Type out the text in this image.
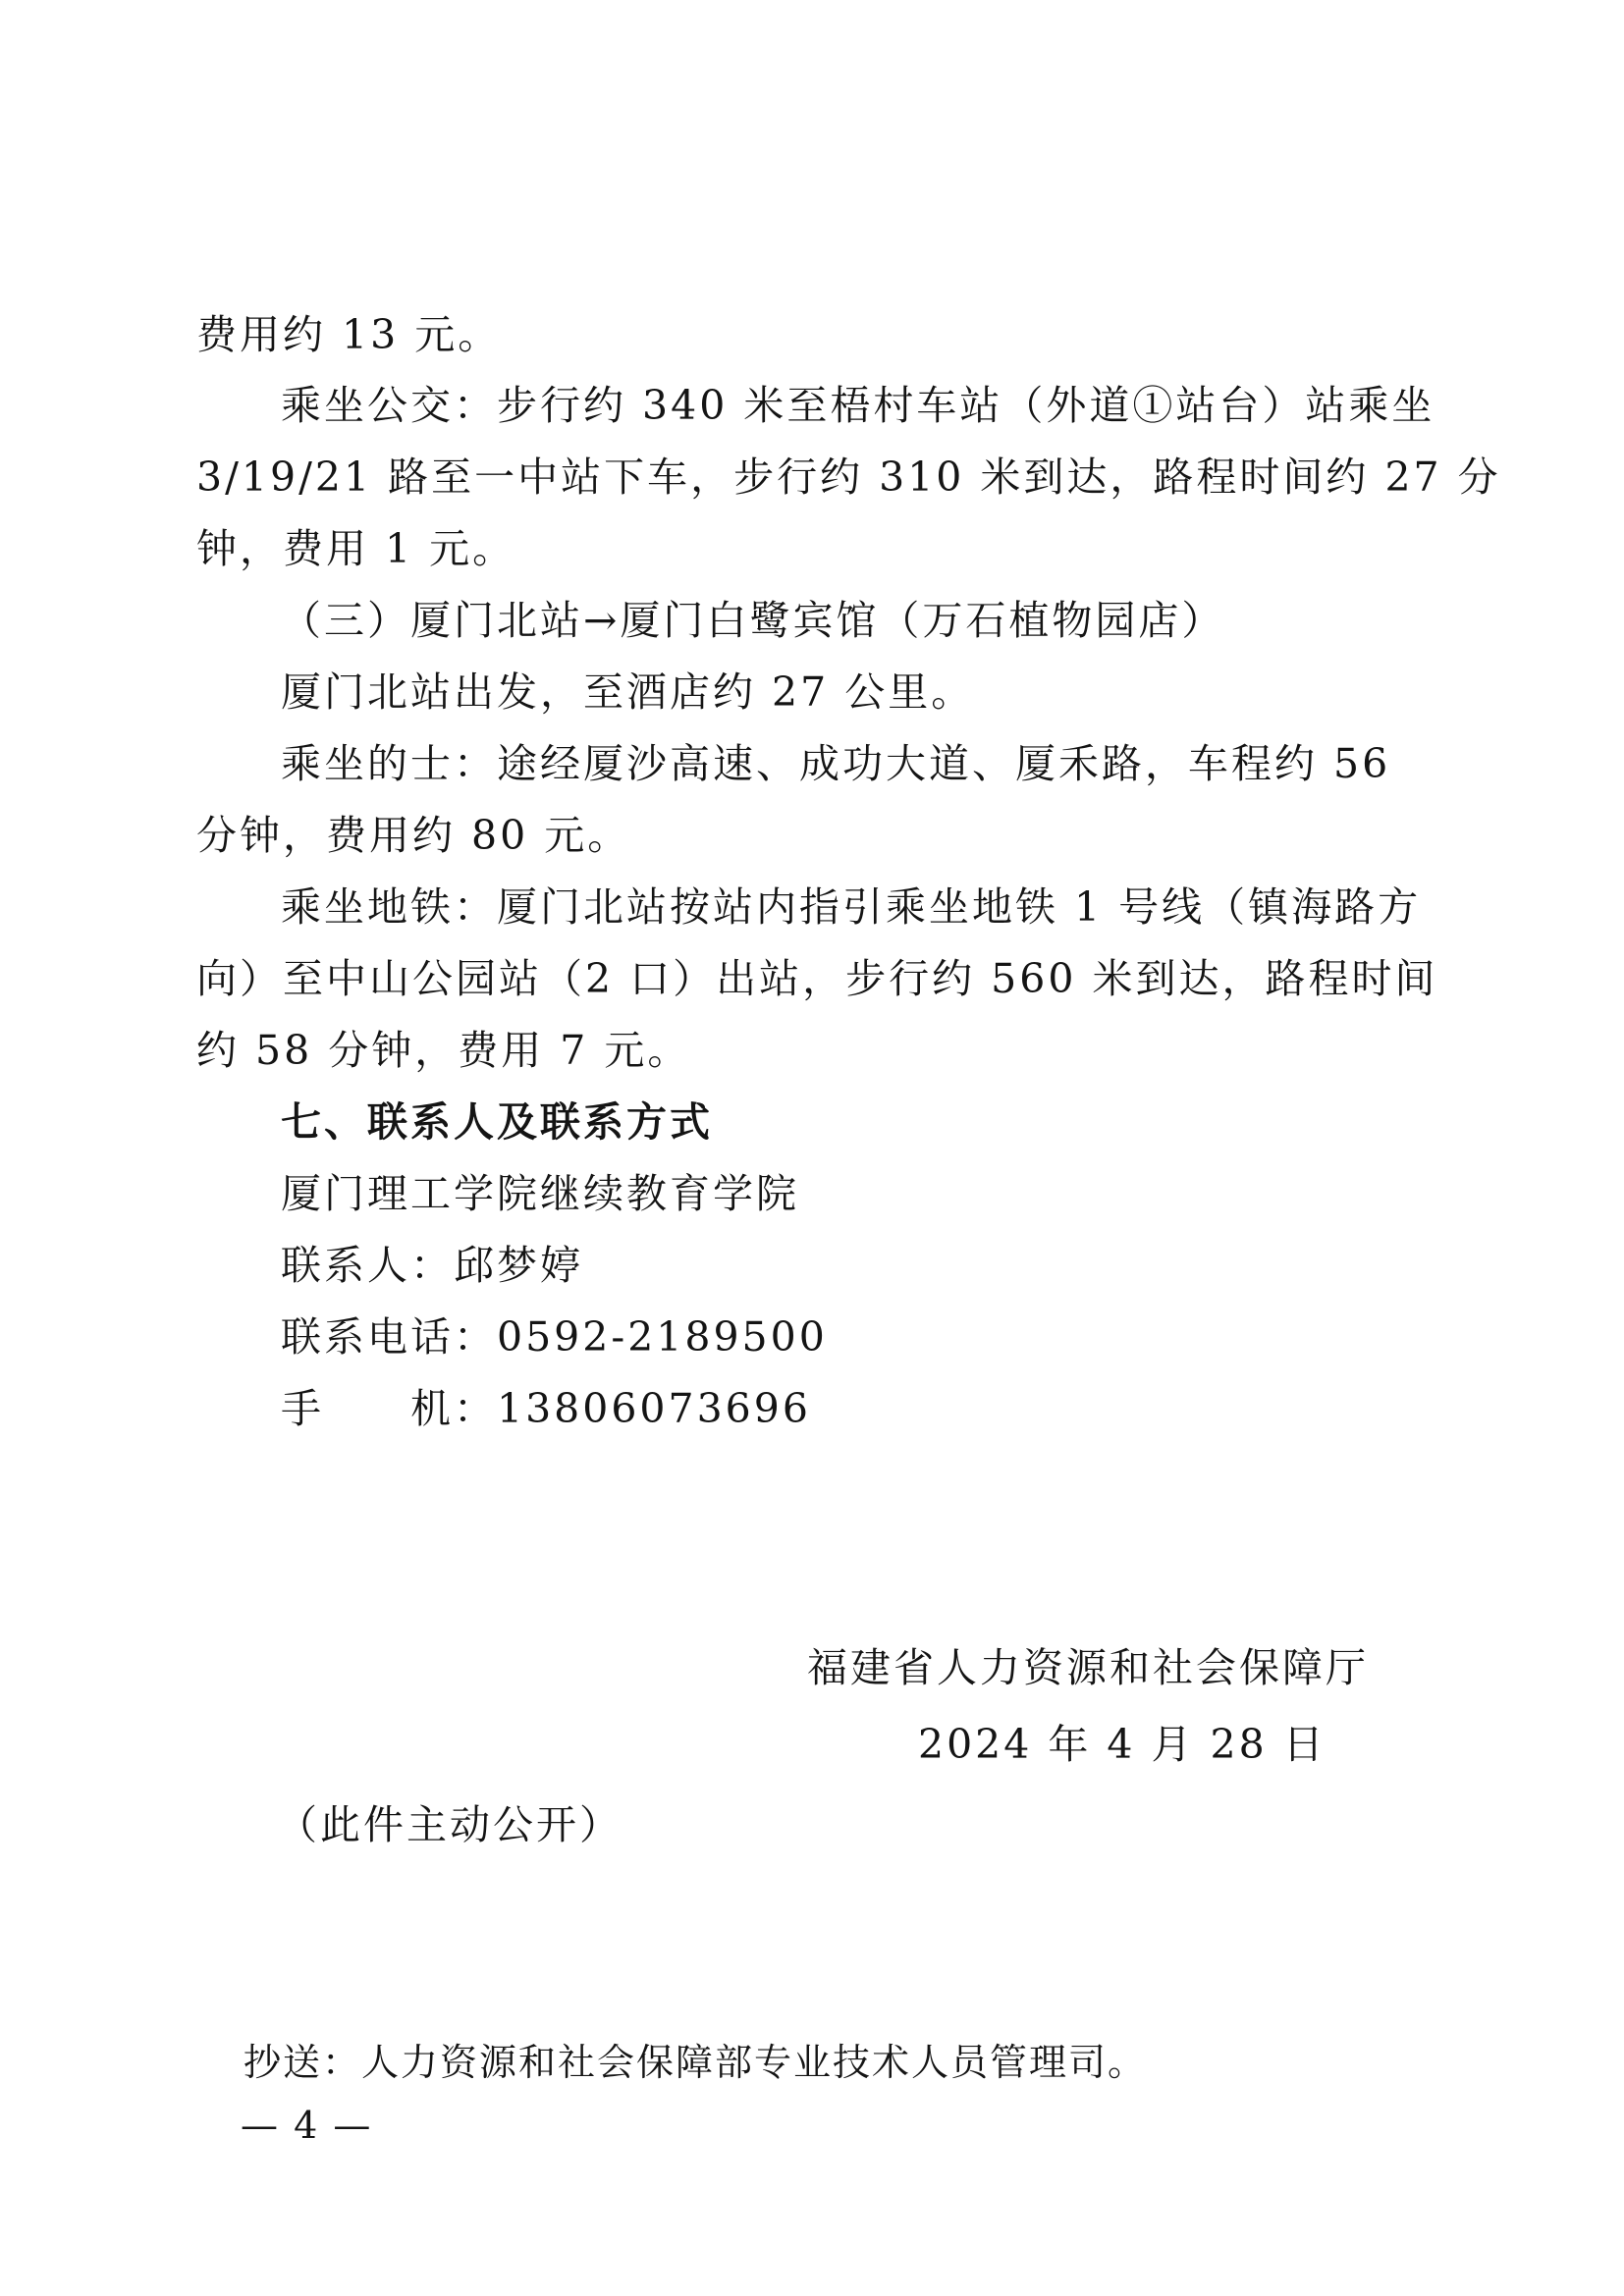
费用约 13 元。
乘坐公交：步行约 340 米至梧村车站（外道①站台）站乘坐
3/19/21 路至一中站下车，步行约 310 米到达，路程时间约 27 分
钟，费用 1 元。
（三）厦门北站→厦门白鹭宾馆（万石植物园店）
厦门北站出发，至酒店约 27 公里。
乘坐的士：途经厦沙高速、成功大道、厦禾路，车程约 56
分钟，费用约 80 元。
乘坐地铁：厦门北站按站内指引乘坐地铁 1 号线（镇海路方
向）至中山公园站（2 口）出站，步行约 560 米到达，路程时间
约 58 分钟，费用 7 元。
七、联系人及联系方式
厦门理工学院继续教育学院
联系人：邱梦婷
联系电话：0592-2189500
手　　机：13806073696
福建省人力资源和社会保障厅
2024 年 4 月 28 日
（此件主动公开）
抄送：人力资源和社会保障部专业技术人员管理司。
— 4 —
